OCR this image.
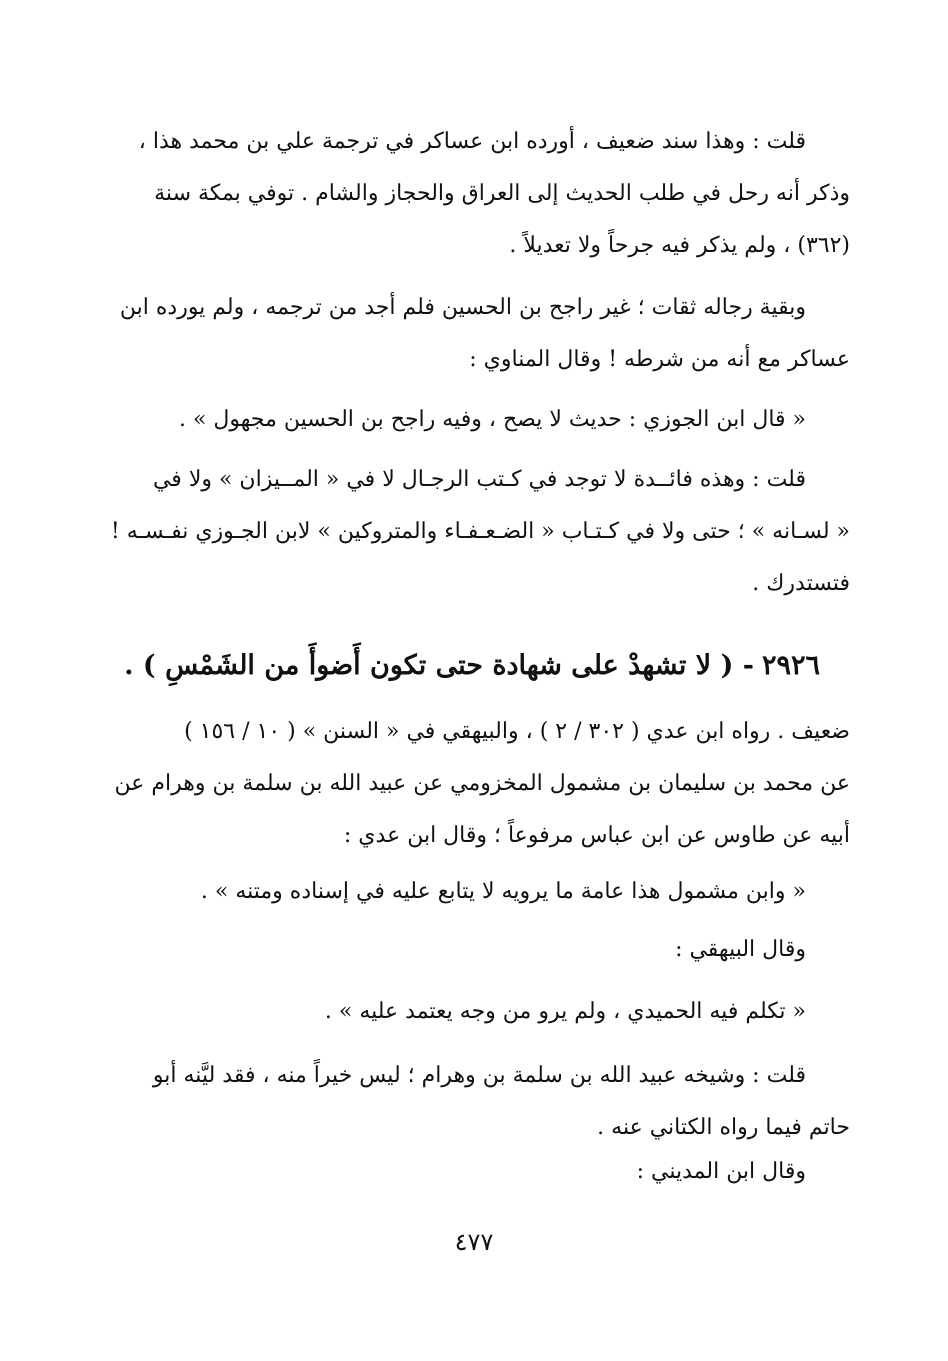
قلت : وهذا سند ضعيف ، أورده ابن عساكر في ترجمة علي بن محمد هذا ،
وذكر أنه رحل في طلب الحديث إلى العراق والحجاز والشام . توفي بمكة سنة
(٣٦٢) ، ولم يذكر فيه جرحاً ولا تعديلاً .
وبقية رجاله ثقات ؛ غير راجح بن الحسين فلم أجد من ترجمه ، ولم يورده ابن
عساكر مع أنه من شرطه ! وقال المناوي :
« قال ابن الجوزي : حديث لا يصح ، وفيه راجح بن الحسين مجهول » .
قلت : وهذه فائــدة لا توجد في كـتب الرجـال لا في « المــيزان » ولا في
« لسـانه » ؛ حتى ولا في كـتـاب « الضـعـفـاء والمتروكين » لابن الجـوزي نفـسـه !
فتستدرك .
٢٩٢٦- ( لا تشهدْ على شهادة حتى تكون أَضوأَ من الشَمْسِ ) .
ضعيف . رواه ابن عدي ( ٣٠٢ / ٢ ) ، والبيهقي في « السنن » ( ١٠ / ١٥٦ )
عن محمد بن سليمان بن مشمول المخزومي عن عبيد الله بن سلمة بن وهرام عن
أبيه عن طاوس عن ابن عباس مرفوعاً ؛ وقال ابن عدي :
« وابن مشمول هذا عامة ما يرويه لا يتابع عليه في إسناده ومتنه » .
وقال البيهقي :
« تكلم فيه الحميدي ، ولم يرو من وجه يعتمد عليه » .
قلت : وشيخه عبيد الله بن سلمة بن وهرام ؛ ليس خيراً منه ، فقد ليَّنه أبو
حاتم فيما رواه الكتاني عنه .
وقال ابن المديني :
٤٧٧
